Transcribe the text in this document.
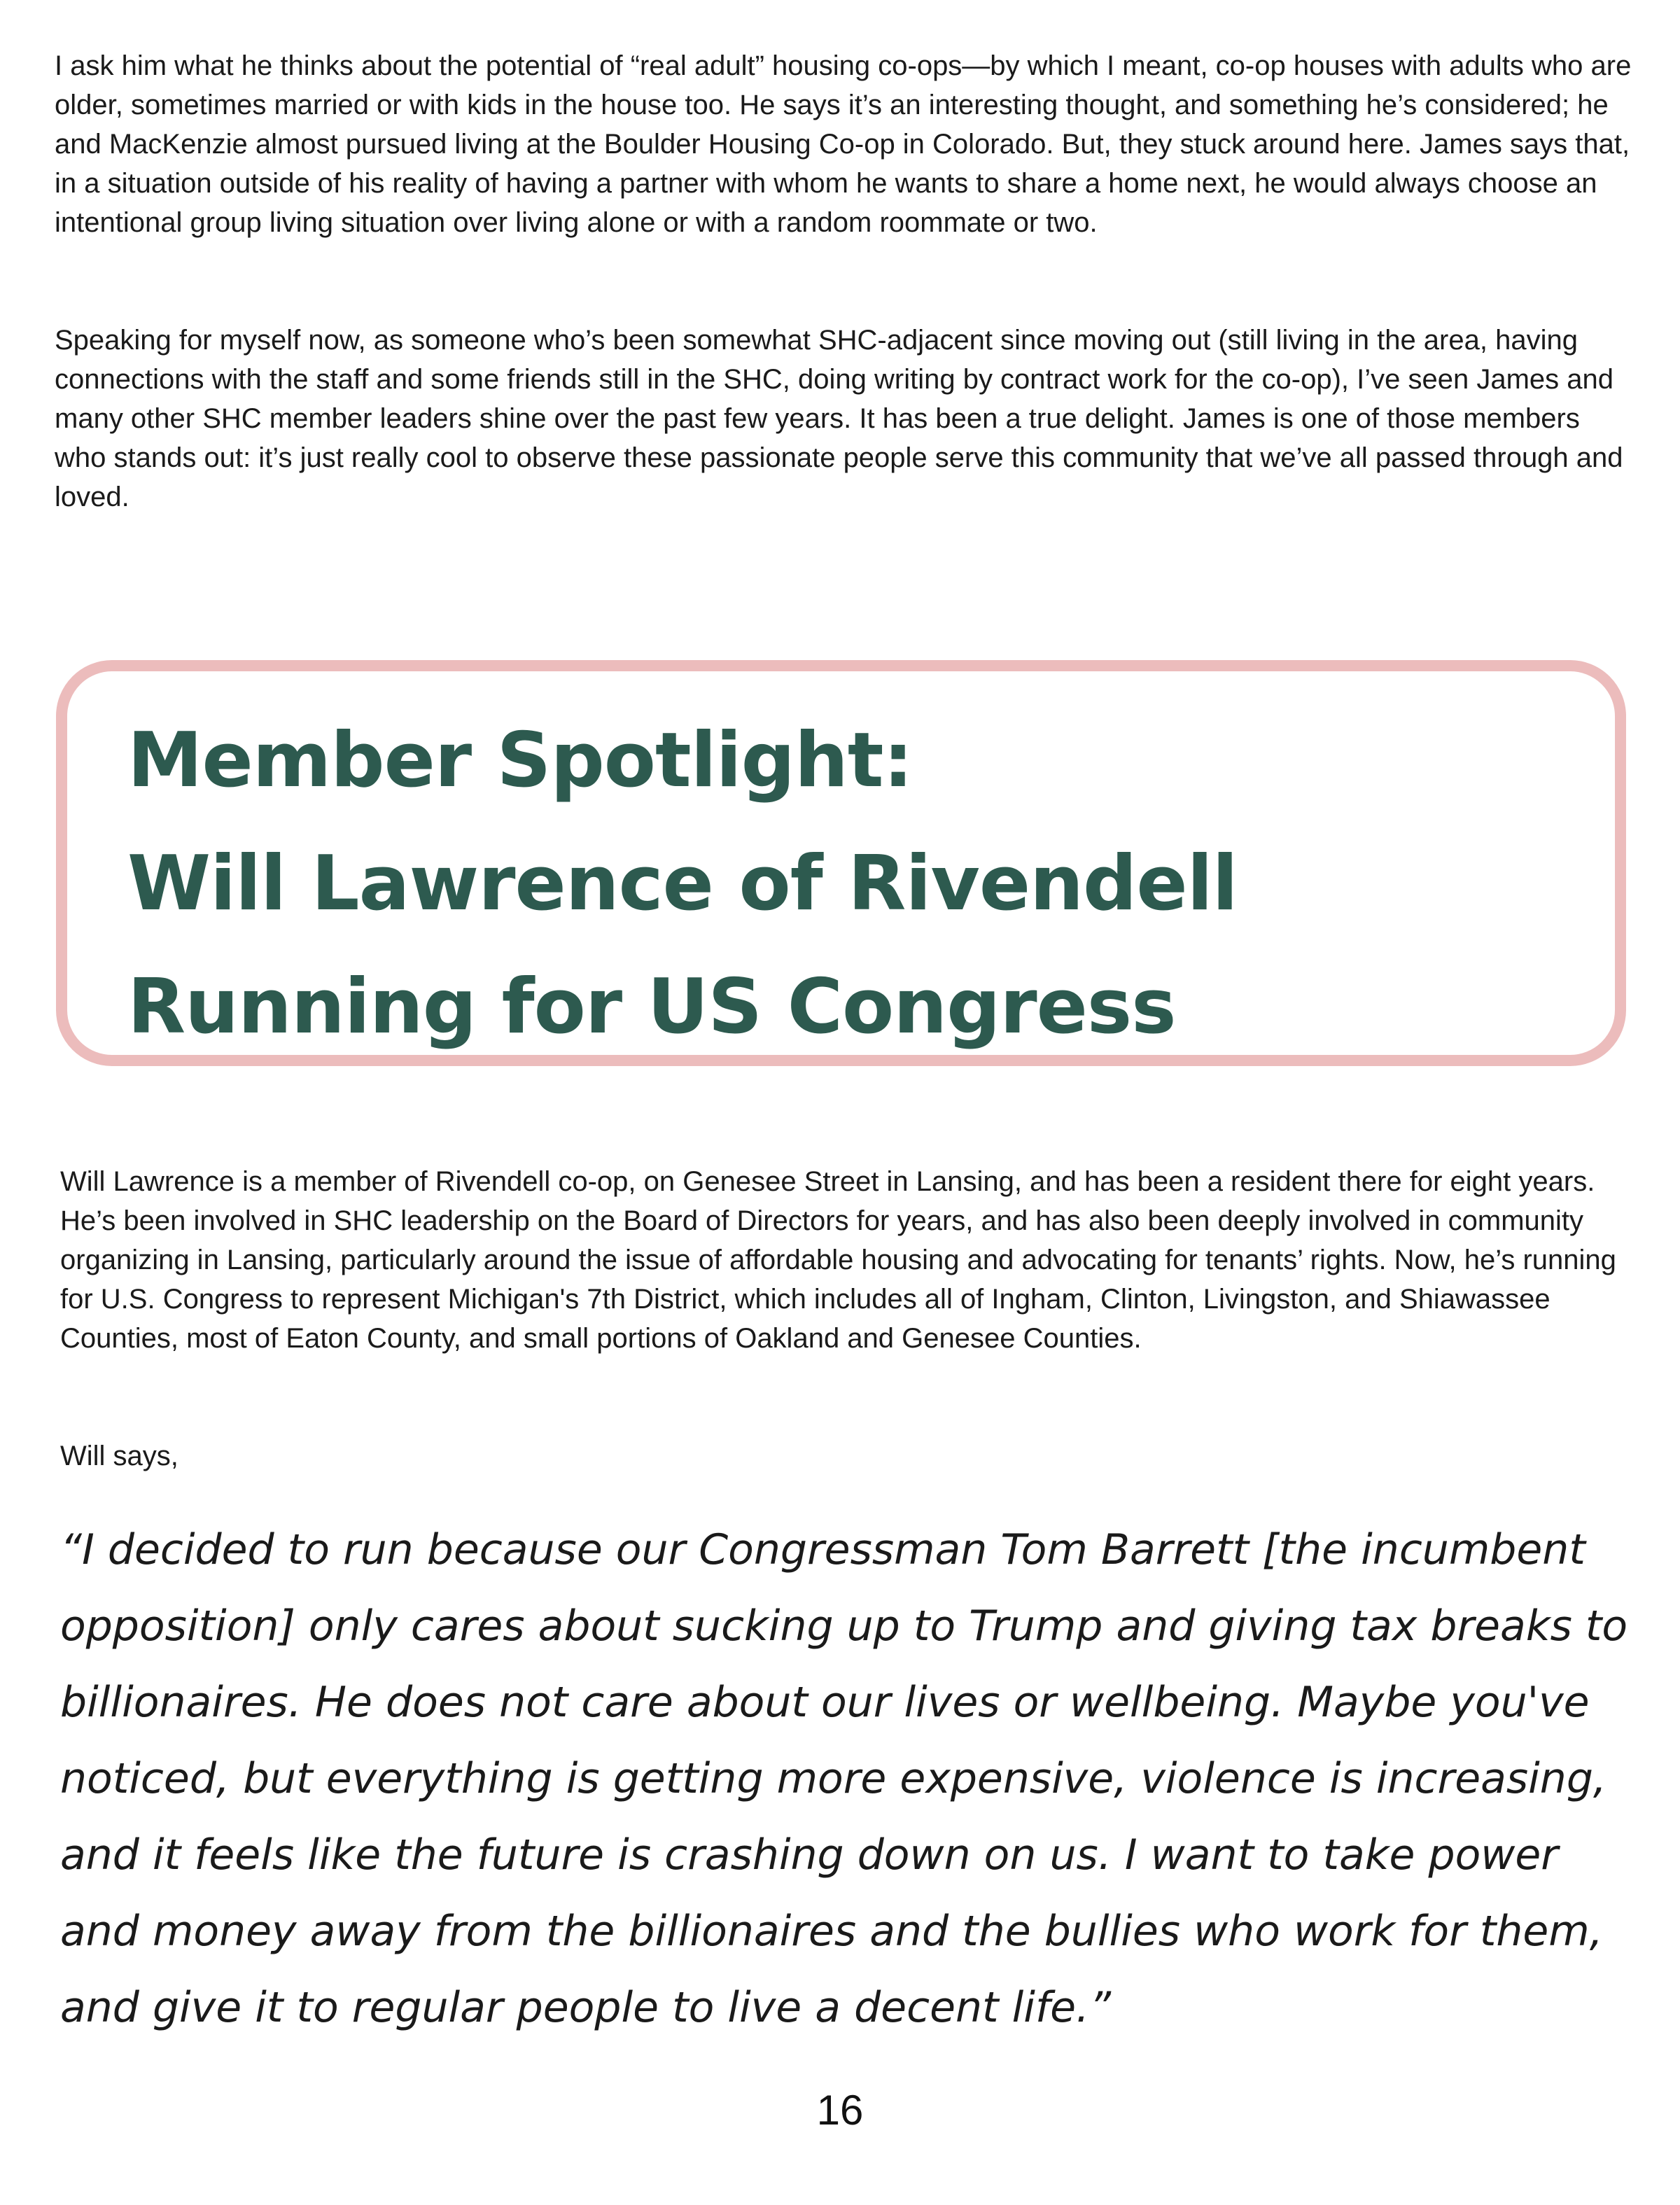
I ask him what he thinks about the potential of “real adult” housing co-ops—by which I meant, co-op houses with adults who are older, sometimes married or with kids in the house too. He says it’s an interesting thought, and something he’s considered; he and MacKenzie almost pursued living at the Boulder Housing Co-op in Colorado. But, they stuck around here. James says that, in a situation outside of his reality of having a partner with whom he wants to share a home next, he would always choose an intentional group living situation over living alone or with a random roommate or two.

Speaking for myself now, as someone who’s been somewhat SHC-adjacent since moving out (still living in the area, having connections with the staff and some friends still in the SHC, doing writing by contract work for the co-op), I’ve seen James and many other SHC member leaders shine over the past few years. It has been a true delight. James is one of those members who stands out: it’s just really cool to observe these passionate people serve this community that we’ve all passed through and loved.

Member Spotlight:
Will Lawrence of Rivendell
Running for US Congress

Will Lawrence is a member of Rivendell co-op, on Genesee Street in Lansing, and has been a resident there for eight years. He’s been involved in SHC leadership on the Board of Directors for years, and has also been deeply involved in community organizing in Lansing, particularly around the issue of affordable housing and advocating for tenants’ rights. Now, he’s running for U.S. Congress to represent Michigan's 7th District, which includes all of Ingham, Clinton, Livingston, and Shiawassee Counties, most of Eaton County, and small portions of Oakland and Genesee Counties.

Will says,

“I decided to run because our Congressman Tom Barrett [the incumbent opposition] only cares about sucking up to Trump and giving tax breaks to billionaires. He does not care about our lives or wellbeing. Maybe you've noticed, but everything is getting more expensive, violence is increasing, and it feels like the future is crashing down on us. I want to take power and money away from the billionaires and the bullies who work for them, and give it to regular people to live a decent life.”

16
